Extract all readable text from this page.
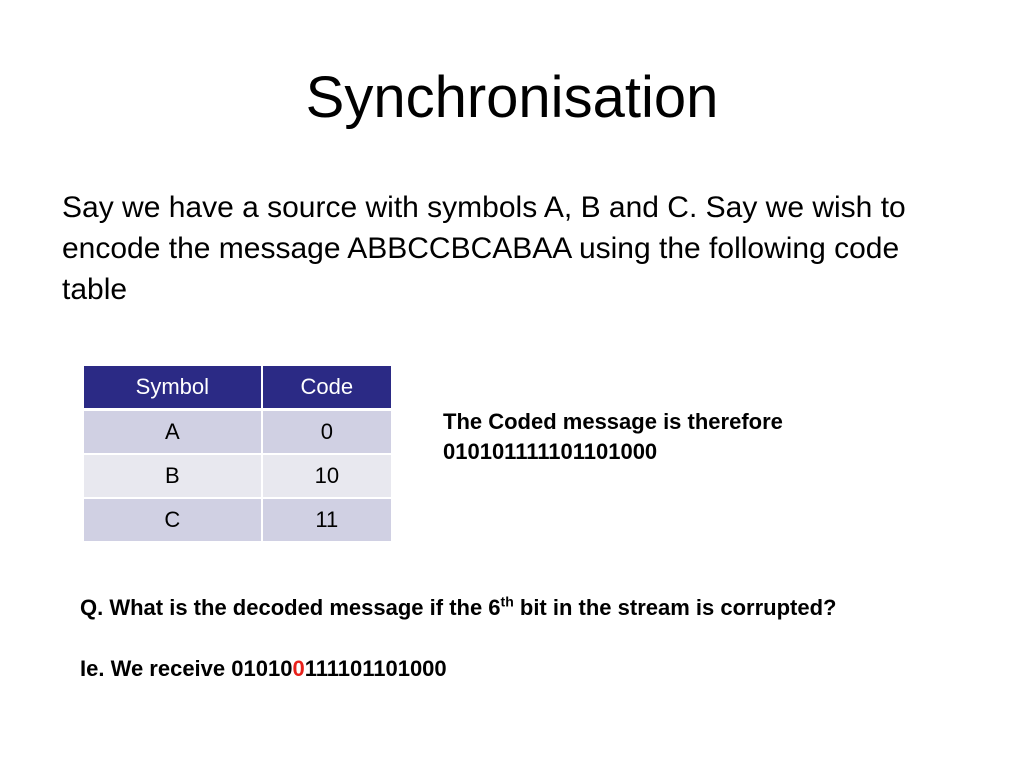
Synchronisation
Say we have a source with symbols A, B and C. Say we wish to encode the message ABBCCBCABAA using the following code table
Symbol	Code
A	0
B	10
C	11
The Coded message is therefore
010101111101101000
Q. What is the decoded message if the 6th bit in the stream is corrupted?
Ie. We receive 010100111101101000
